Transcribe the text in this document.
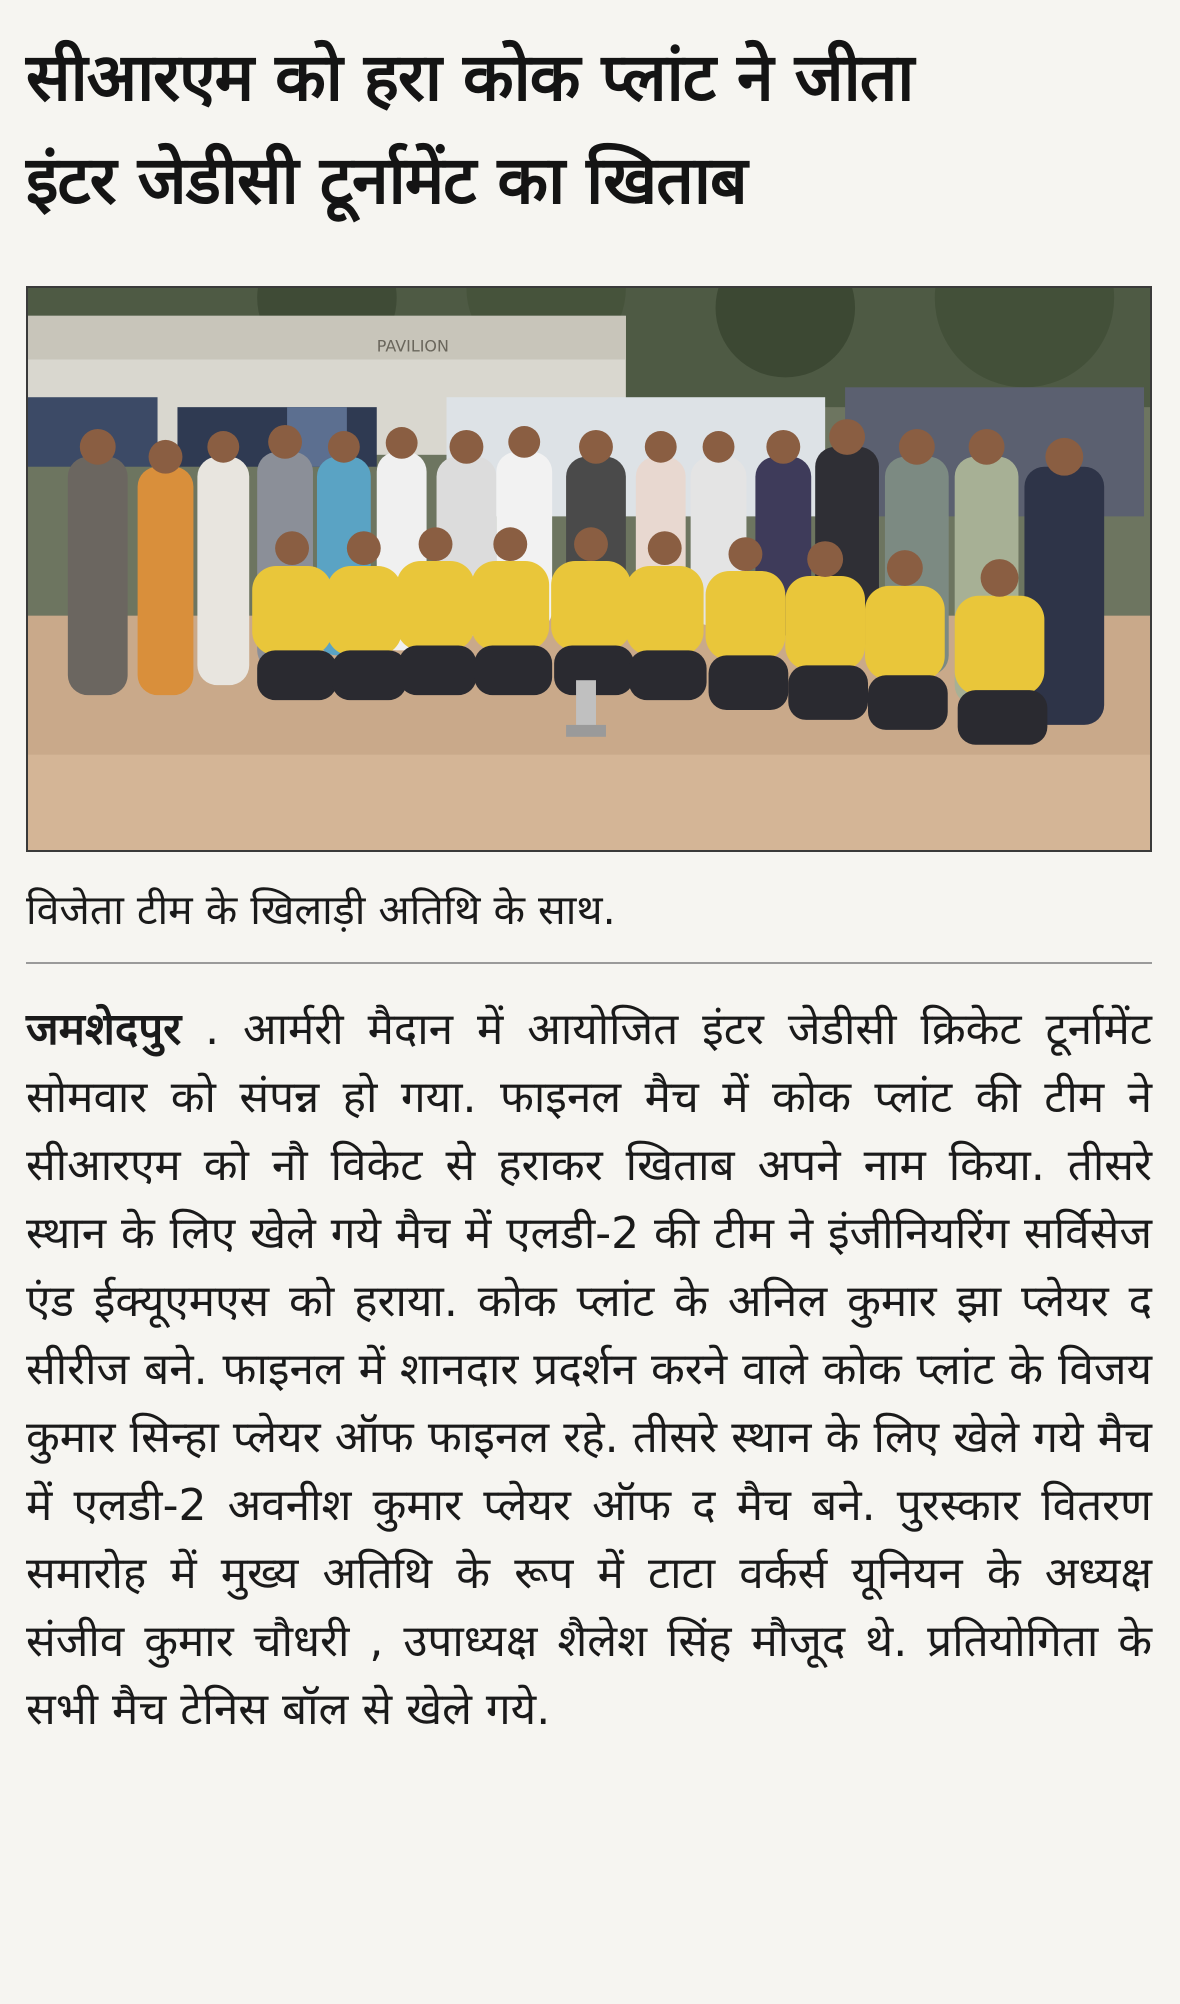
सीआरएम को हरा कोक प्लांट ने जीता
इंटर जेडीसी टूर्नामेंट का खिताब
PAVILION

विजेता टीम के खिलाड़ी अतिथि के साथ.

जमशेदपुर . आर्मरी मैदान में आयोजित इंटर जेडीसी क्रिकेट टूर्नामेंट सोमवार को संपन्न हो गया. फाइनल मैच में कोक प्लांट की टीम ने सीआरएम को नौ विकेट से हराकर खिताब अपने नाम किया. तीसरे स्थान के लिए खेले गये मैच में एलडी-2 की टीम ने इंजीनियरिंग सर्विसेज एंड ईक्यूएमएस को हराया. कोक प्लांट के अनिल कुमार झा प्लेयर द सीरीज बने. फाइनल में शानदार प्रदर्शन करने वाले कोक प्लांट के विजय कुमार सिन्हा प्लेयर ऑफ फाइनल रहे. तीसरे स्थान के लिए खेले गये मैच में एलडी-2 अवनीश कुमार प्लेयर ऑफ द मैच बने. पुरस्कार वितरण समारोह में मुख्य अतिथि के रूप में टाटा वर्कर्स यूनियन के अध्यक्ष संजीव कुमार चौधरी , उपाध्यक्ष शैलेश सिंह मौजूद थे. प्रतियोगिता के सभी मैच टेनिस बॉल से खेले गये.
